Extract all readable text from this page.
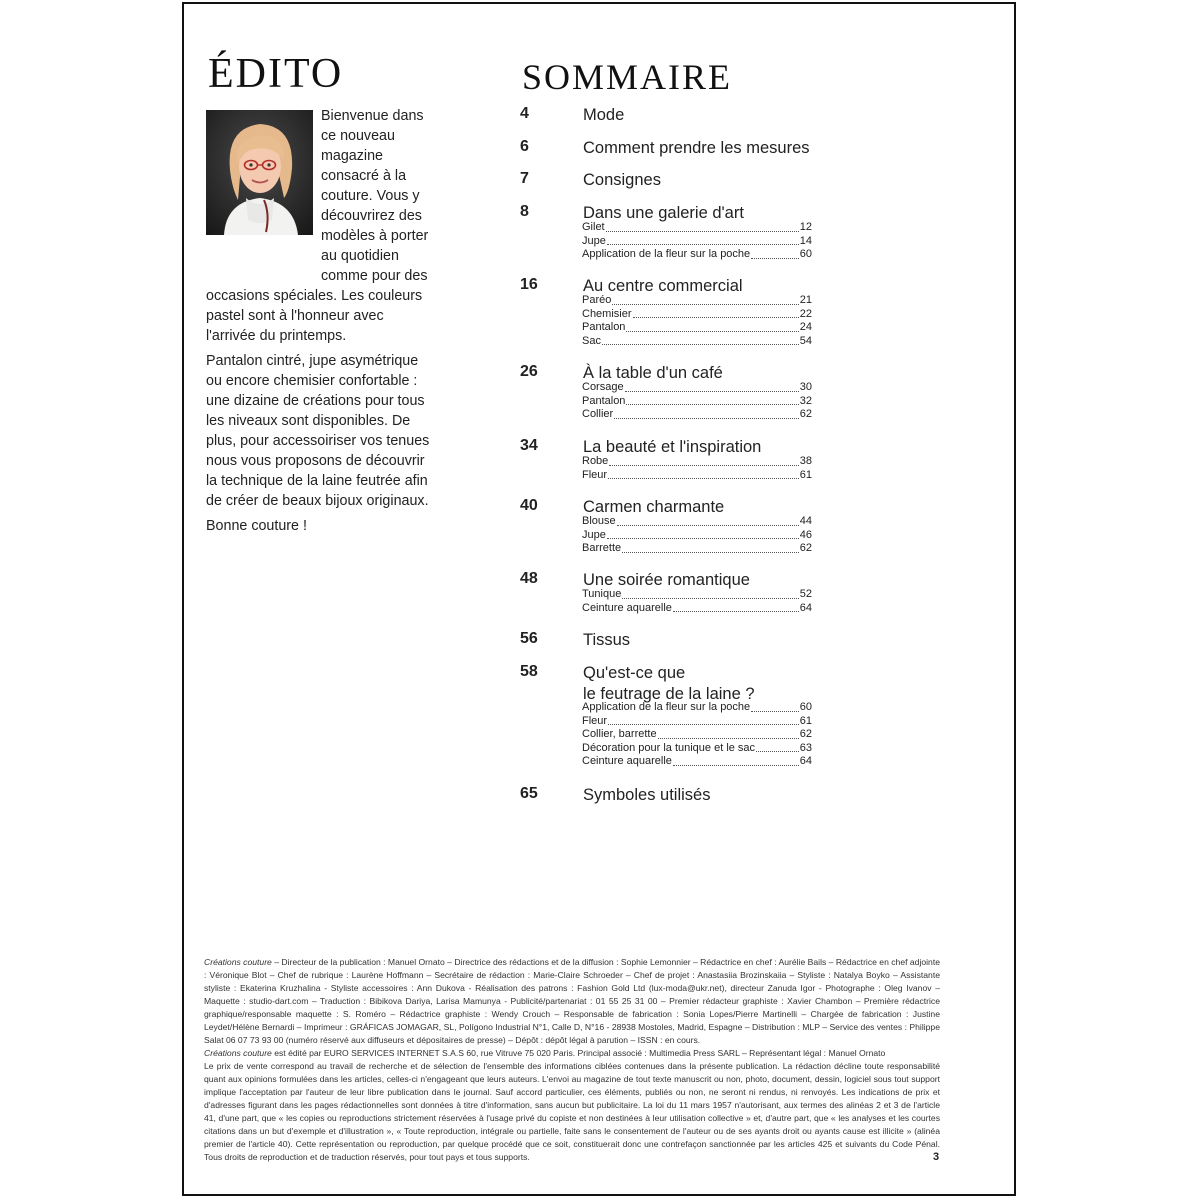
ÉDITO	SOMMAIRE

Bienvenue dans ce nouveau magazine consacré à la couture. Vous y découvrirez des modèles à porter au quotidien comme pour des occasions spéciales. Les couleurs pastel sont à l'honneur avec l'arrivée du printemps.

Pantalon cintré, jupe asymétrique ou encore chemisier confortable : une dizaine de créations pour tous les niveaux sont disponibles. De plus, pour accessoiriser vos tenues nous vous proposons de découvrir la technique de la laine feutrée afin de créer de beaux bijoux originaux.

Bonne couture !

4	Mode
6	Comment prendre les mesures
7	Consignes
8	Dans une galerie d'art
Gilet	12
Jupe	14
Application de la fleur sur la poche	60
16	Au centre commercial
Paréo	21
Chemisier	22
Pantalon	24
Sac	54
26	À la table d'un café
Corsage	30
Pantalon	32
Collier	62
34	La beauté et l'inspiration
Robe	38
Fleur	61
40	Carmen charmante
Blouse	44
Jupe	46
Barrette	62
48	Une soirée romantique
Tunique	52
Ceinture aquarelle	64
56	Tissus
58	Qu'est-ce que
le feutrage de la laine ?
Application de la fleur sur la poche	60
Fleur	61
Collier, barrette	62
Décoration pour la tunique et le sac	63
Ceinture aquarelle	64
65	Symboles utilisés

Créations couture – Directeur de la publication : Manuel Ornato – Directrice des rédactions et de la diffusion : Sophie Lemonnier – Rédactrice en chef : Aurélie Bails – Rédactrice en chef adjointe : Véronique Blot – Chef de rubrique : Laurène Hoffmann – Secrétaire de rédaction : Marie-Claire Schroeder – Chef de projet : Anastasiia Brozinskaiia – Styliste : Natalya Boyko – Assistante styliste : Ekaterina Kruzhalina - Styliste accessoires : Ann Dukova - Réalisation des patrons : Fashion Gold Ltd (lux-moda@ukr.net), directeur Zanuda Igor - Photographe : Oleg Ivanov – Maquette : studio-dart.com – Traduction : Bibikova Dariya, Larisa Mamunya - Publicité/partenariat : 01 55 25 31 00 – Premier rédacteur graphiste : Xavier Chambon – Première rédactrice graphique/responsable maquette : S. Roméro – Rédactrice graphiste : Wendy Crouch – Responsable de fabrication : Sonia Lopes/Pierre Martinelli – Chargée de fabrication : Justine Leydet/Hélène Bernardi – Imprimeur : GRÁFICAS JOMAGAR, SL, Polígono Industrial N°1, Calle D, N°16 - 28938 Mostoles, Madrid, Espagne – Distribution : MLP – Service des ventes : Philippe Salat 06 07 73 93 00 (numéro réservé aux diffuseurs et dépositaires de presse) – Dépôt : dépôt légal à parution – ISSN : en cours.

Créations couture est édité par EURO SERVICES INTERNET S.A.S 60, rue Vitruve 75 020 Paris. Principal associé : Multimedia Press SARL – Représentant légal : Manuel Ornato

Le prix de vente correspond au travail de recherche et de sélection de l'ensemble des informations ciblées contenues dans la présente publication. La rédaction décline toute responsabilité quant aux opinions formulées dans les articles, celles-ci n'engageant que leurs auteurs. L'envoi au magazine de tout texte manuscrit ou non, photo, document, dessin, logiciel sous tout support implique l'acceptation par l'auteur de leur libre publication dans le journal. Sauf accord particulier, ces éléments, publiés ou non, ne seront ni rendus, ni renvoyés. Les indications de prix et d'adresses figurant dans les pages rédactionnelles sont données à titre d'information, sans aucun but publicitaire. La loi du 11 mars 1957 n'autorisant, aux termes des alinéas 2 et 3 de l'article 41, d'une part, que « les copies ou reproductions strictement réservées à l'usage privé du copiste et non destinées à leur utilisation collective » et, d'autre part, que « les analyses et les courtes citations dans un but d'exemple et d'illustration », « Toute reproduction, intégrale ou partielle, faite sans le consentement de l'auteur ou de ses ayants droit ou ayants cause est illicite » (alinéa premier de l'article 40). Cette représentation ou reproduction, par quelque procédé que ce soit, constituerait donc une contrefaçon sanctionnée par les articles 425 et suivants du Code Pénal. Tous droits de reproduction et de traduction réservés, pour tout pays et tous supports.	3
